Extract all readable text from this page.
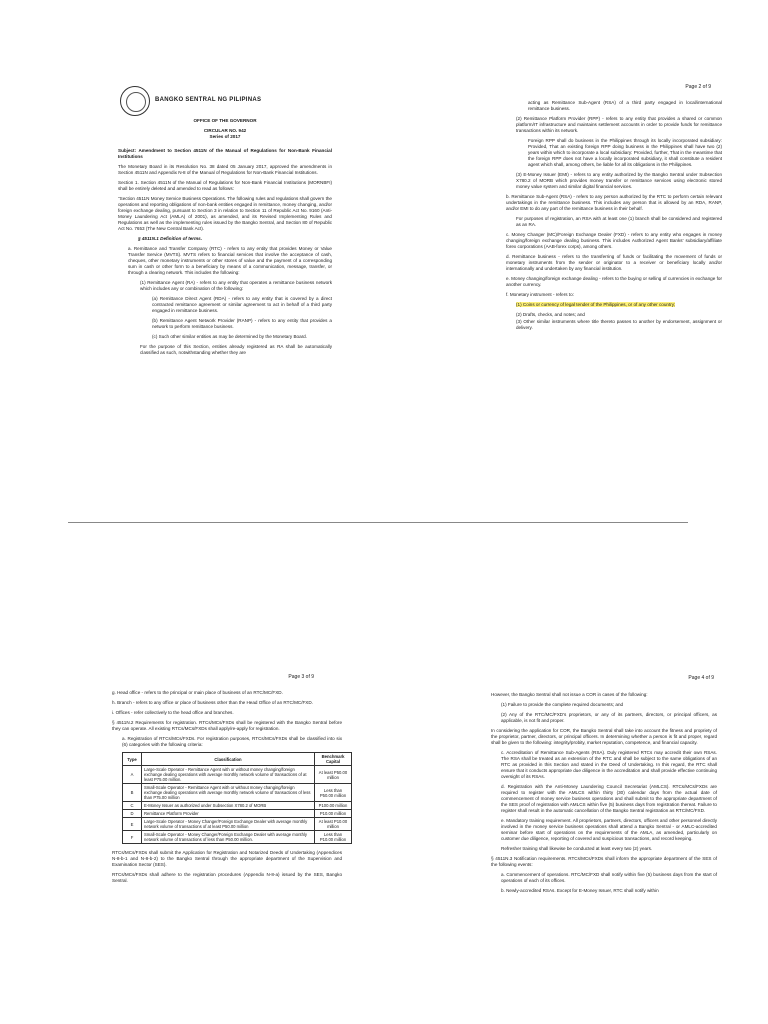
BANGKO SENTRAL NG PILIPINAS

OFFICE OF THE GOVERNOR

CIRCULAR NO. 942

Series of 2017

Subject: Amendment to Section 4511N of the Manual of Regulations for Non-Bank Financial Institutions

The Monetary Board in its Resolution No. 38 dated 05 January 2017, approved the amendments in Section 4511N and Appendix N-8 of the Manual of Regulations for Non-Bank Financial Institutions.

Section 1. Section 4511N of the Manual of Regulations for Non-Bank Financial Institutions (MORNBFI) shall be entirely deleted and amended to read as follows:

"Section 4511N Money Service Business Operations. The following rules and regulations shall govern the operations and reporting obligations of non-bank entities engaged in remittance, money changing, and/or foreign exchange dealing, pursuant to Section 3 in relation to Section 11 of Republic Act No. 9160 (Anti-Money Laundering Act (AMLA) of 2001), as amended, and its Revised Implementing Rules and Regulations as well as the implementing rules issued by the Bangko Sentral, and Section 80 of Republic Act No. 7653 (The New Central Bank Act).

§ 4511N.1 Definition of terms.

a. Remittance and Transfer Company (RTC) - refers to any entity that provides Money or Value Transfer Service (MVTS). MVTS refers to financial services that involve the acceptance of cash, cheques, other monetary instruments or other stores of value and the payment of a corresponding sum in cash or other form to a beneficiary by means of a communication, message, transfer, or through a clearing network. This includes the following:

(1) Remittance Agent (RA) - refers to any entity that operates a remittance business network which includes any or combination of the following:

(a) Remittance Direct Agent (RDA) - refers to any entity that is covered by a direct contracted remittance agreement or similar agreement to act in behalf of a third party engaged in remittance business.

(b) Remittance Agent Network Provider (RANP) - refers to any entity that provides a network to perform remittance business.

(c) Such other similar entities as may be determined by the Monetary Board.

For the purpose of this Section, entities already registered as RA shall be automatically classified as such, notwithstanding whether they are

Page 2 of 9

acting as Remittance Sub-Agent (RSA) of a third party engaged in local/international remittance business.

(2) Remittance Platform Provider (RPP) - refers to any entity that provides a shared or common platform/IT infrastructure and maintains settlement accounts in order to provide funds for remittance transactions within its network.

Foreign RPP shall do business in the Philippines through its locally incorporated subsidiary: Provided, That an existing foreign RPP doing business in the Philippines shall have two (2) years within which to incorporate a local subsidiary: Provided, further, That in the meantime that the foreign RPP does not have a locally incorporated subsidiary, it shall constitute a resident agent which shall, among others, be liable for all its obligations in the Philippines.

(3) E-Money Issuer (EMI) - refers to any entity authorized by the Bangko Sentral under Subsection X780.2 of MORB which provides money transfer or remittance services using electronic stored money value system and similar digital financial services.

b. Remittance Sub-Agent (RSA) - refers to any person authorized by the RTC to perform certain relevant undertakings in the remittance business. This includes any person that is allowed by an RDA, RANP, and/or EMI to do any part of the remittance business in their behalf.

For purposes of registration, an RSA with at least one (1) branch shall be considered and registered as an RA.

c. Money Changer (MC)/Foreign Exchange Dealer (FXD) - refers to any entity who engages in money changing/foreign exchange dealing business. This includes Authorized Agent Banks' subsidiary/affiliate forex corporations (AAB-forex corps), among others.

d. Remittance business - refers to the transferring of funds or facilitating the movement of funds or monetary instruments from the sender or originator to a receiver or beneficiary locally and/or internationally and undertaken by any financial institution.

e. Money changing/foreign exchange dealing - refers to the buying or selling of currencies in exchange for another currency.

f. Monetary instrument - refers to:

(1) Coins or currency of legal tender of the Philippines, or of any other country;

(2) Drafts, checks, and notes; and

(3) Other similar instruments where title thereto passes to another by endorsement, assignment or delivery.

Page 3 of 9

g. Head office - refers to the principal or main place of business of an RTC/MC/FXD.

h. Branch - refers to any office or place of business other than the Head Office of an RTC/MC/FXD.

i. Offices - refer collectively to the head office and branches.

§ 4511N.2 Requirements for registration. RTCs/MCs/FXDs shall be registered with the Bangko Sentral before they can operate. All existing RTCs/MCs/FXDs shall apply/re-apply for registration.

a. Registration of RTCs/MCs/FXDs. For registration purposes, RTCs/MCs/FXDs shall be classified into six (6) categories with the following criteria:

Type	Classification	Benchmark Capital
A	Large-Scale Operator - Remittance Agent with or without money changing/foreign exchange dealing operations with average monthly network volume of transactions of at least P75.00 million.	At least P50.00 million
B	Small-Scale Operator - Remittance Agent with or without money changing/foreign exchange dealing operations with average monthly network volume of transactions of less than P75.00 million	Less than P50.00 million
C	E-Money Issuer as authorized under Subsection X780.2 of MORB	P100.00 million
D	Remittance Platform Provider	P10.00 million
E	Large-Scale Operator - Money Changer/Foreign Exchange Dealer with average monthly network volume of transactions of at least P50.00 million	At least P10.00 million
F	Small-Scale Operator - Money Changer/Foreign Exchange Dealer with average monthly network volume of transactions of less than P50.00 million.	Less than P10.00 million

RTCs/MCs/FXDs shall submit the Application for Registration and Notarized Deeds of Undertaking (Appendices N-8-b-1 and N-8-b-2) to the Bangko Sentral through the appropriate department of the Supervision and Examination Sector (SES).

RTCs/MCs/FXDs shall adhere to the registration procedures (Appendix N-8-a) issued by the SES, Bangko Sentral.

Page 4 of 9

However, the Bangko Sentral shall not issue a COR in cases of the following:

(1) Failure to provide the complete required documents; and

(2) Any of the RTC/MC/FXD's proprietors, or any of its partners, directors, or principal officers, as applicable, is not fit and proper.

In considering the application for COR, the Bangko Sentral shall take into account the fitness and propriety of the proprietor, partner, directors, or principal officers. In determining whether a person is fit and proper, regard shall be given to the following: integrity/probity, market reputation, competence, and financial capacity.

c. Accreditation of Remittance Sub-Agents (RSA). Duly registered RTCs may accredit their own RSAs. The RSA shall be treated as an extension of the RTC and shall be subject to the same obligations of an RTC as provided in this Section and stated in the Deed of Undertaking. In this regard, the RTC shall ensure that it conducts appropriate due diligence in the accreditation and shall provide effective continuing oversight of its RSAs.

d. Registration with the Anti-Money Laundering Council Secretariat (AMLCS). RTCs/MCs/FXDs are required to register with the AMLCS within thirty (30) calendar days from the actual date of commencement of money service business operations and shall submit to the appropriate department of the SES proof of registration with AMLCS within five (5) business days from registration thereat. Failure to register shall result in the automatic cancellation of the Bangko Sentral registration as RTC/MC/FXD.

e. Mandatory training requirement. All proprietors, partners, directors, officers and other personnel directly involved in the money service business operations shall attend a Bangko Sentral - or AMLC-accredited seminar before start of operations on the requirements of the AMLA, as amended, particularly on customer due diligence, reporting of covered and suspicious transactions, and record keeping.

Refresher training shall likewise be conducted at least every two (2) years.

§ 4511N.3 Notification requirements. RTCs/MCs/FXDs shall inform the appropriate department of the SES of the following events:

a. Commencement of operations. RTC/MC/FXD shall notify within five (5) business days from the start of operations of each of its offices.

b. Newly-accredited RSAs. Except for E-Money Issuer, RTC shall notify within
